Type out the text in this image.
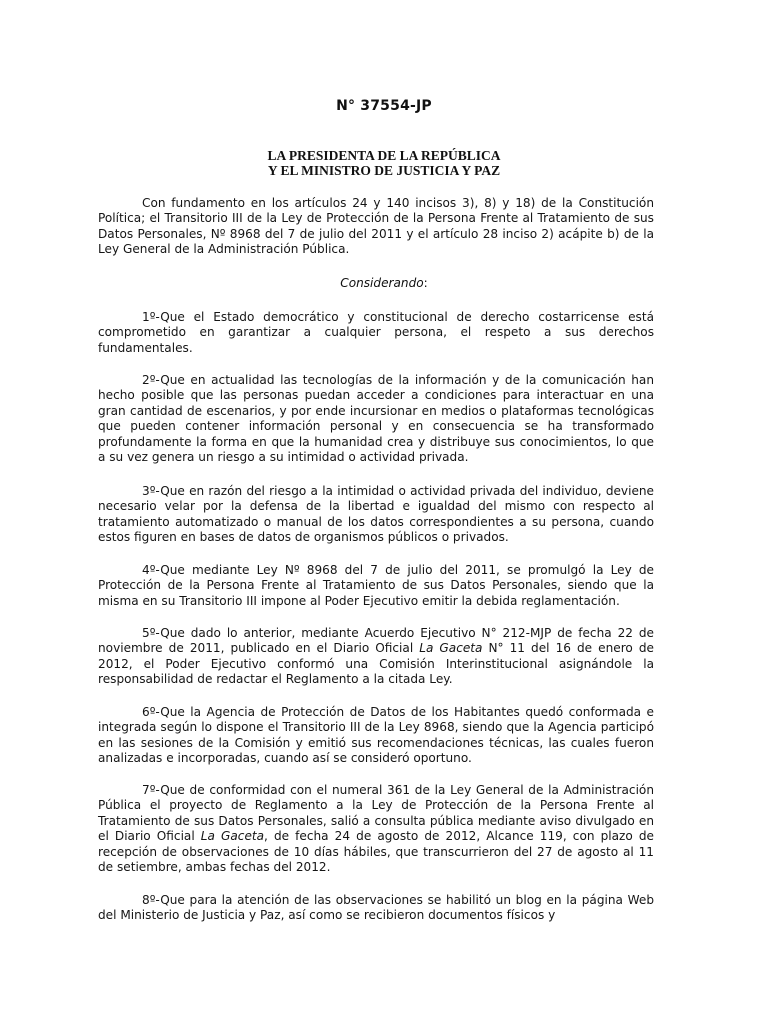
N° 37554-JP
LA PRESIDENTA DE LA REPÚBLICA
Y EL MINISTRO DE JUSTICIA Y PAZ

Con fundamento en los artículos 24 y 140 incisos 3), 8) y 18) de la Constitución Política; el Transitorio III de la Ley de Protección de la Persona Frente al Tratamiento de sus Datos Personales, Nº 8968 del 7 de julio del 2011 y el artículo 28 inciso 2) acápite b) de la Ley General de la Administración Pública.

Considerando:

1º-Que el Estado democrático y constitucional de derecho costarricense está comprometido en garantizar a cualquier persona, el respeto a sus derechos fundamentales.

2º-Que en actualidad las tecnologías de la información y de la comunicación han hecho posible que las personas puedan acceder a condiciones para interactuar en una gran cantidad de escenarios, y por ende incursionar en medios o plataformas tecnológicas que pueden contener información personal y en consecuencia se ha transformado profundamente la forma en que la humanidad crea y distribuye sus conocimientos, lo que a su vez genera un riesgo a su intimidad o actividad privada.

3º-Que en razón del riesgo a la intimidad o actividad privada del individuo, deviene necesario velar por la defensa de la libertad e igualdad del mismo con respecto al tratamiento automatizado o manual de los datos correspondientes a su persona, cuando estos figuren en bases de datos de organismos públicos o privados.

4º-Que mediante Ley Nº 8968 del 7 de julio del 2011, se promulgó la Ley de Protección de la Persona Frente al Tratamiento de sus Datos Personales, siendo que la misma en su Transitorio III impone al Poder Ejecutivo emitir la debida reglamentación.

5º-Que dado lo anterior, mediante Acuerdo Ejecutivo N° 212-MJP de fecha 22 de noviembre de 2011, publicado en el Diario Oficial La Gaceta N° 11 del 16 de enero de 2012, el Poder Ejecutivo conformó una Comisión Interinstitucional asignándole la responsabilidad de redactar el Reglamento a la citada Ley.

6º-Que la Agencia de Protección de Datos de los Habitantes quedó conformada e integrada según lo dispone el Transitorio III de la Ley 8968, siendo que la Agencia participó en las sesiones de la Comisión y emitió sus recomendaciones técnicas, las cuales fueron analizadas e incorporadas, cuando así se consideró oportuno.

7º-Que de conformidad con el numeral 361 de la Ley General de la Administración Pública el proyecto de Reglamento a la Ley de Protección de la Persona Frente al Tratamiento de sus Datos Personales, salió a consulta pública mediante aviso divulgado en el Diario Oficial La Gaceta, de fecha 24 de agosto de 2012, Alcance 119, con plazo de recepción de observaciones de 10 días hábiles, que transcurrieron del 27 de agosto al 11 de setiembre, ambas fechas del 2012.

8º-Que para la atención de las observaciones se habilitó un blog en la página Web del Ministerio de Justicia y Paz, así como se recibieron documentos físicos y
